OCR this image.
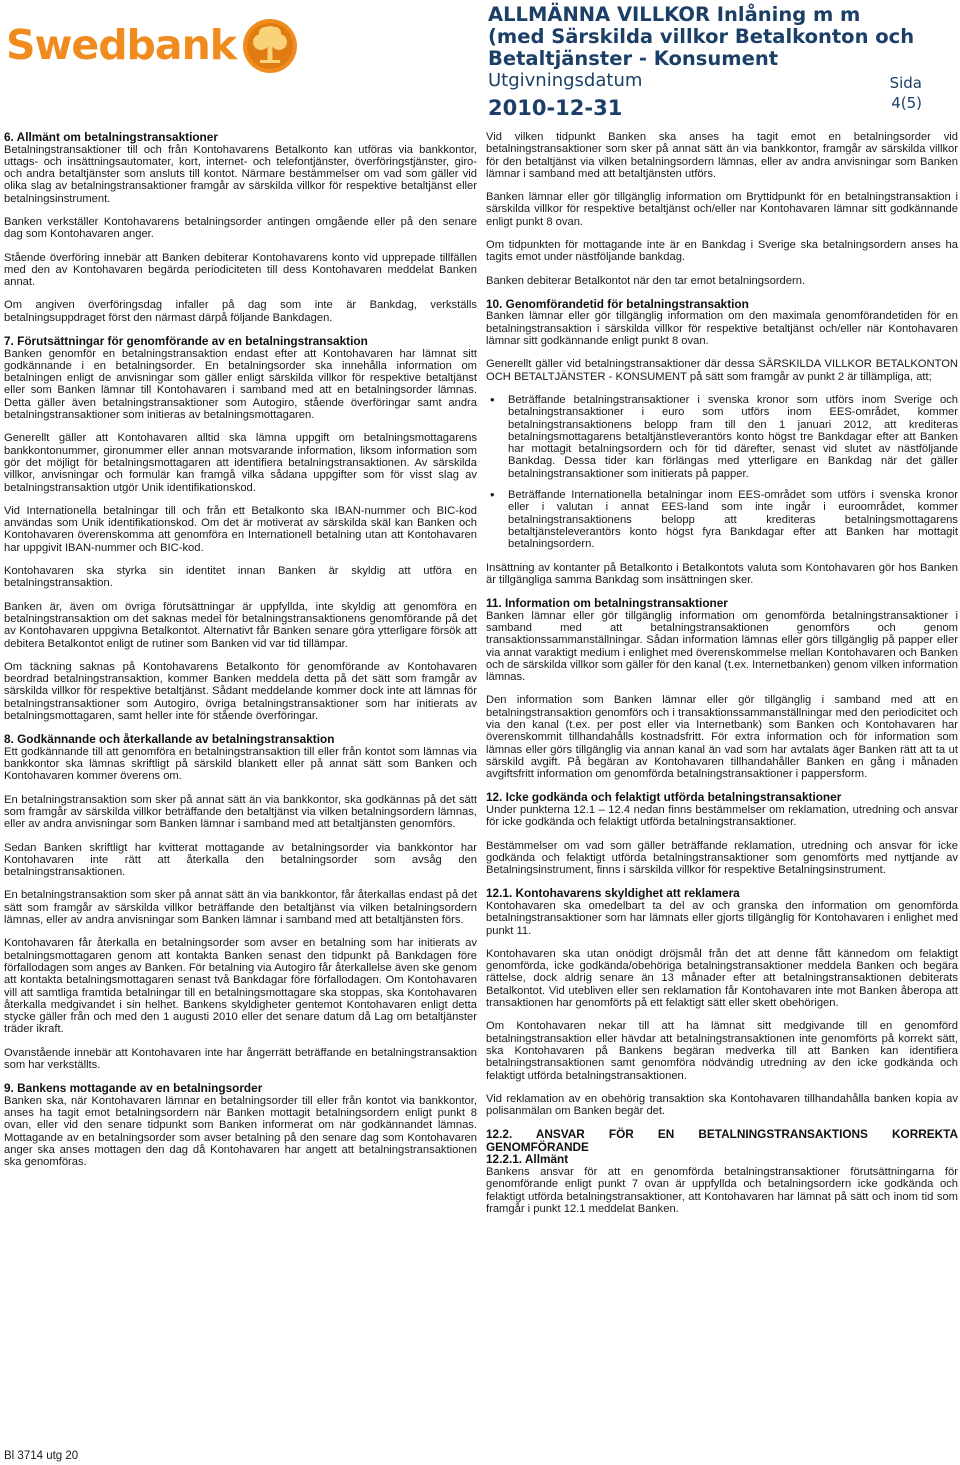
Swedbank
ALLMÄNNA VILLKOR Inlåning m m
(med Särskilda villkor Betalkonton och
Betaltjänster - Konsument
Utgivningsdatum
2010-12-31
Sida
4(5)
6. Allmänt om betalningstransaktioner

Betalningstransaktioner till och från Kontohavarens Betalkonto kan utföras via bankkontor, uttags- och insättningsautomater, kort, internet- och telefontjänster, överföringstjänster, giro- och andra betaltjänster som ansluts till kontot. Närmare bestämmelser om vad som gäller vid olika slag av betalningstransaktioner framgår av särskilda villkor för respektive betaltjänst eller betalningsinstrument.

Banken verkställer Kontohavarens betalningsorder antingen omgående eller på den senare dag som Kontohavaren anger.

Stående överföring innebär att Banken debiterar Kontohavarens konto vid upprepade tillfällen med den av Kontohavaren begärda periodiciteten till dess Kontohavaren meddelat Banken annat.

Om angiven överföringsdag infaller på dag som inte är Bankdag, verkställs betalningsuppdraget först den närmast därpå följande Bankdagen.

7. Förutsättningar för genomförande av en betalningstransaktion

Banken genomför en betalningstransaktion endast efter att Kontohavaren har lämnat sitt godkännande i en betalningsorder. En betalningsorder ska innehålla information om betalningen enligt de anvisningar som gäller enligt särskilda villkor för respektive betaltjänst eller som Banken lämnar till Kontohavaren i samband med att en betalningsorder lämnas. Detta gäller även betalningstransaktioner som Autogiro, stående överföringar samt andra betalningstransaktioner som initieras av betalningsmottagaren.

Generellt gäller att Kontohavaren alltid ska lämna uppgift om betalningsmottagarens bankkontonummer, gironummer eller annan motsvarande information, liksom information som gör det möjligt för betalningsmottagaren att identifiera betalningstransaktionen. Av särskilda villkor, anvisningar och formulär kan framgå vilka sådana uppgifter som för visst slag av betalningstransaktion utgör Unik identifikationskod.

Vid Internationella betalningar till och från ett Betalkonto ska IBAN-nummer och BIC-kod användas som Unik identifikationskod. Om det är motiverat av särskilda skäl kan Banken och Kontohavaren överenskomma att genomföra en Internationell betalning utan att Kontohavaren har uppgivit IBAN-nummer och BIC-kod.

Kontohavaren ska styrka sin identitet innan Banken är skyldig att utföra en betalningstransaktion.

Banken är, även om övriga förutsättningar är uppfyllda, inte skyldig att genomföra en betalningstransaktion om det saknas medel för betalningstransaktionens genomförande på det av Kontohavaren uppgivna Betalkontot. Alternativt får Banken senare göra ytterligare försök att debitera Betalkontot enligt de rutiner som Banken vid var tid tillämpar.

Om täckning saknas på Kontohavarens Betalkonto för genomförande av Kontohavaren beordrad betalningstransaktion, kommer Banken meddela detta på det sätt som framgår av särskilda villkor för respektive betaltjänst. Sådant meddelande kommer dock inte att lämnas för betalningstransaktioner som Autogiro, övriga betalningstransaktioner som har initierats av betalningsmottagaren, samt heller inte för stående överföringar.

8. Godkännande och återkallande av betalningstransaktion

Ett godkännande till att genomföra en betalningstransaktion till eller från kontot som lämnas via bankkontor ska lämnas skriftligt på särskild blankett eller på annat sätt som Banken och Kontohavaren kommer överens om.

En betalningstransaktion som sker på annat sätt än via bankkontor, ska godkännas på det sätt som framgår av särskilda villkor beträffande den betaltjänst via vilken betalningsordern lämnas, eller av andra anvisningar som Banken lämnar i samband med att betaltjänsten genomförs.

Sedan Banken skriftligt har kvitterat mottagande av betalningsorder via bankkontor har Kontohavaren inte rätt att återkalla den betalningsorder som avsåg den betalningstransaktionen.

En betalningstransaktion som sker på annat sätt än via bankkontor, får återkallas endast på det sätt som framgår av särskilda villkor beträffande den betaltjänst via vilken betalningsordern lämnas, eller av andra anvisningar som Banken lämnar i samband med att betaltjänsten förs.

Kontohavaren får återkalla en betalningsorder som avser en betalning som har initierats av betalningsmottagaren genom att kontakta Banken senast den tidpunkt på Bankdagen före förfallodagen som anges av Banken. För betalning via Autogiro får återkallelse även ske genom att kontakta betalningsmottagaren senast två Bankdagar före förfallodagen. Om Kontohavaren vill att samtliga framtida betalningar till en betalningsmottagare ska stoppas, ska Kontohavaren återkalla medgivandet i sin helhet. Bankens skyldigheter gentemot Kontohavaren enligt detta stycke gäller från och med den 1 augusti 2010 eller det senare datum då Lag om betaltjänster träder ikraft.

Ovanstående innebär att Kontohavaren inte har ångerrätt beträffande en betalningstransaktion som har verkställts.

9. Bankens mottagande av en betalningsorder

Banken ska, när Kontohavaren lämnar en betalningsorder till eller från kontot via bankkontor, anses ha tagit emot betalningsordern när Banken mottagit betalningsordern enligt punkt 8 ovan, eller vid den senare tidpunkt som Banken informerat om när godkännandet lämnas. Mottagande av en betalningsorder som avser betalning på den senare dag som Kontohavaren anger ska anses mottagen den dag då Kontohavaren har angett att betalningstransaktionen ska genomföras.

Vid vilken tidpunkt Banken ska anses ha tagit emot en betalningsorder vid betalningstransaktioner som sker på annat sätt än via bankkontor, framgår av särskilda villkor för den betaltjänst via vilken betalningsordern lämnas, eller av andra anvisningar som Banken lämnar i samband med att betaltjänsten utförs.

Banken lämnar eller gör tillgänglig information om Bryttidpunkt för en betalningstransaktion i särskilda villkor för respektive betaltjänst och/eller nar Kontohavaren lämnar sitt godkännande enligt punkt 8 ovan.

Om tidpunkten för mottagande inte är en Bankdag i Sverige ska betalningsordern anses ha tagits emot under nästföljande bankdag.

Banken debiterar Betalkontot när den tar emot betalningsordern.

10. Genomförandetid för betalningstransaktion

Banken lämnar eller gör tillgänglig information om den maximala genomförandetiden för en betalningstransaktion i särskilda villkor för respektive betaltjänst och/eller när Kontohavaren lämnar sitt godkännande enligt punkt 8 ovan.

Generellt gäller vid betalningstransaktioner där dessa SÄRSKILDA VILLKOR BETALKONTON OCH BETALTJÄNSTER - KONSUMENT på sätt som framgår av punkt 2 är tillämpliga, att;

• Beträffande betalningstransaktioner i svenska kronor som utförs inom Sverige och betalningstransaktioner i euro som utförs inom EES-området, kommer betalningstransaktionens belopp fram till den 1 januari 2012, att krediteras betalningsmottagarens betaltjänstleverantörs konto högst tre Bankdagar efter att Banken har mottagit betalningsordern och för tid därefter, senast vid slutet av nästföljande Bankdag. Dessa tider kan förlängas med ytterligare en Bankdag när det gäller betalningstransaktioner som initierats på papper.
• Beträffande Internationella betalningar inom EES-området som utförs i svenska kronor eller i valutan i annat EES-land som inte ingår i euroområdet, kommer betalningstransaktionens belopp att krediteras betalningsmottagarens betaltjänsteleverantörs konto högst fyra Bankdagar efter att Banken har mottagit betalningsordern.

Insättning av kontanter på Betalkonto i Betalkontots valuta som Kontohavaren gör hos Banken är tillgängliga samma Bankdag som insättningen sker.

11. Information om betalningstransaktioner

Banken lämnar eller gör tillgänglig information om genomförda betalningstransaktioner i samband med att betalningstransaktionen genomförs och genom transaktionssammanställningar. Sådan information lämnas eller görs tillgänglig på papper eller via annat varaktigt medium i enlighet med överenskommelse mellan Kontohavaren och Banken och de särskilda villkor som gäller för den kanal (t.ex. Internetbanken) genom vilken information lämnas.

Den information som Banken lämnar eller gör tillgänglig i samband med att en betalningstransaktion genomförs och i transaktionssammanställningar med den periodicitet och via den kanal (t.ex. per post eller via Internetbank) som Banken och Kontohavaren har överenskommit tillhandahålls kostnadsfritt. För extra information och för information som lämnas eller görs tillgänglig via annan kanal än vad som har avtalats äger Banken rätt att ta ut särskild avgift. På begäran av Kontohavaren tillhandahåller Banken en gång i månaden avgiftsfritt information om genomförda betalningstransaktioner i pappersform.

12. Icke godkända och felaktigt utförda betalningstransaktioner

Under punkterna 12.1 – 12.4 nedan finns bestämmelser om reklamation, utredning och ansvar för icke godkända och felaktigt utförda betalningstransaktioner.

Bestämmelser om vad som gäller beträffande reklamation, utredning och ansvar för icke godkända och felaktigt utförda betalningstransaktioner som genomförts med nyttjande av Betalningsinstrument, finns i särskilda villkor för respektive Betalningsinstrument.

12.1. Kontohavarens skyldighet att reklamera

Kontohavaren ska omedelbart ta del av och granska den information om genomförda betalningstransaktioner som har lämnats eller gjorts tillgänglig för Kontohavaren i enlighet med punkt 11.

Kontohavaren ska utan onödigt dröjsmål från det att denne fått kännedom om felaktigt genomförda, icke godkända/obehöriga betalningstransaktioner meddela Banken och begära rättelse, dock aldrig senare än 13 månader efter att betalningstransaktionen debiterats Betalkontot. Vid utebliven eller sen reklamation får Kontohavaren inte mot Banken åberopa att transaktionen har genomförts på ett felaktigt sätt eller skett obehörigen.

Om Kontohavaren nekar till att ha lämnat sitt medgivande till en genomförd betalningstransaktion eller hävdar att betalningstransaktionen inte genomförts på korrekt sätt, ska Kontohavaren på Bankens begäran medverka till att Banken kan identifiera betalningstransaktionen samt genomföra nödvändig utredning av den icke godkända och felaktigt utförda betalningstransaktionen.

Vid reklamation av en obehörig transaktion ska Kontohavaren tillhandahålla banken kopia av polisanmälan om Banken begär det.

12.2. ANSVAR FÖR EN BETALNINGSTRANSAKTIONS KORREKTA GENOMFÖRANDE
12.2.1. Allmänt

Bankens ansvar för att en genomförda betalningstransaktioner förutsättningarna för genomförande enligt punkt 7 ovan är uppfyllda och betalningsordern icke godkända och felaktigt utförda betalningstransaktioner, att Kontohavaren har lämnat på sätt och inom tid som framgår i punkt 12.1 meddelat Banken.

Bl 3714 utg 20
